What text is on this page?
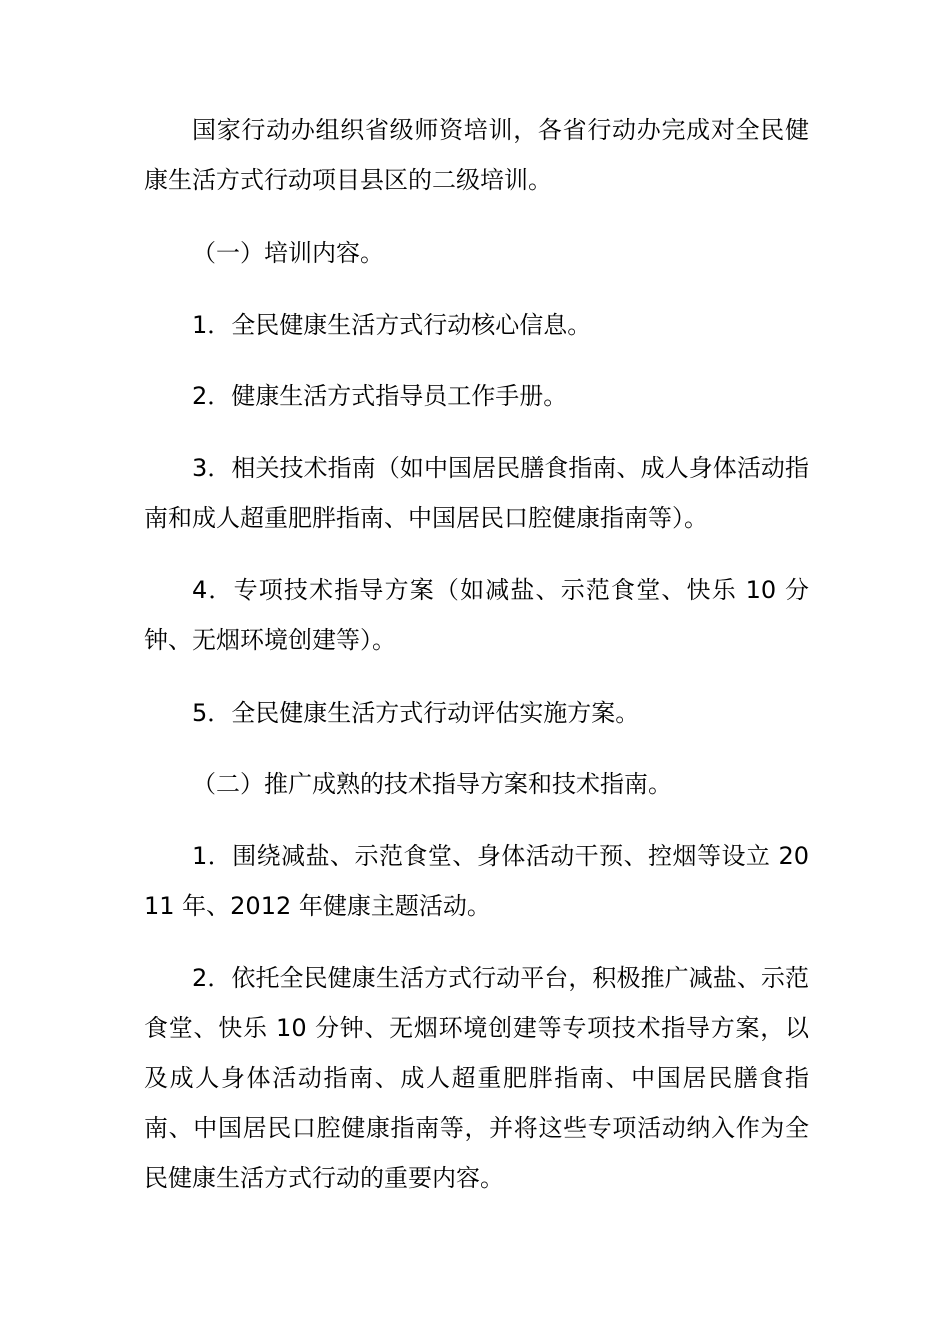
国家行动办组织省级师资培训，各省行动办完成对全民健康生活方式行动项目县区的二级培训。

（一）培训内容。

1．全民健康生活方式行动核心信息。

2．健康生活方式指导员工作手册。

3．相关技术指南（如中国居民膳食指南、成人身体活动指南和成人超重肥胖指南、中国居民口腔健康指南等）。

4．专项技术指导方案（如减盐、示范食堂、快乐 10 分钟、无烟环境创建等）。

5．全民健康生活方式行动评估实施方案。

（二）推广成熟的技术指导方案和技术指南。

1．围绕减盐、示范食堂、身体活动干预、控烟等设立 2011 年、2012 年健康主题活动。

2．依托全民健康生活方式行动平台，积极推广减盐、示范食堂、快乐 10 分钟、无烟环境创建等专项技术指导方案，以及成人身体活动指南、成人超重肥胖指南、中国居民膳食指南、中国居民口腔健康指南等，并将这些专项活动纳入作为全民健康生活方式行动的重要内容。
